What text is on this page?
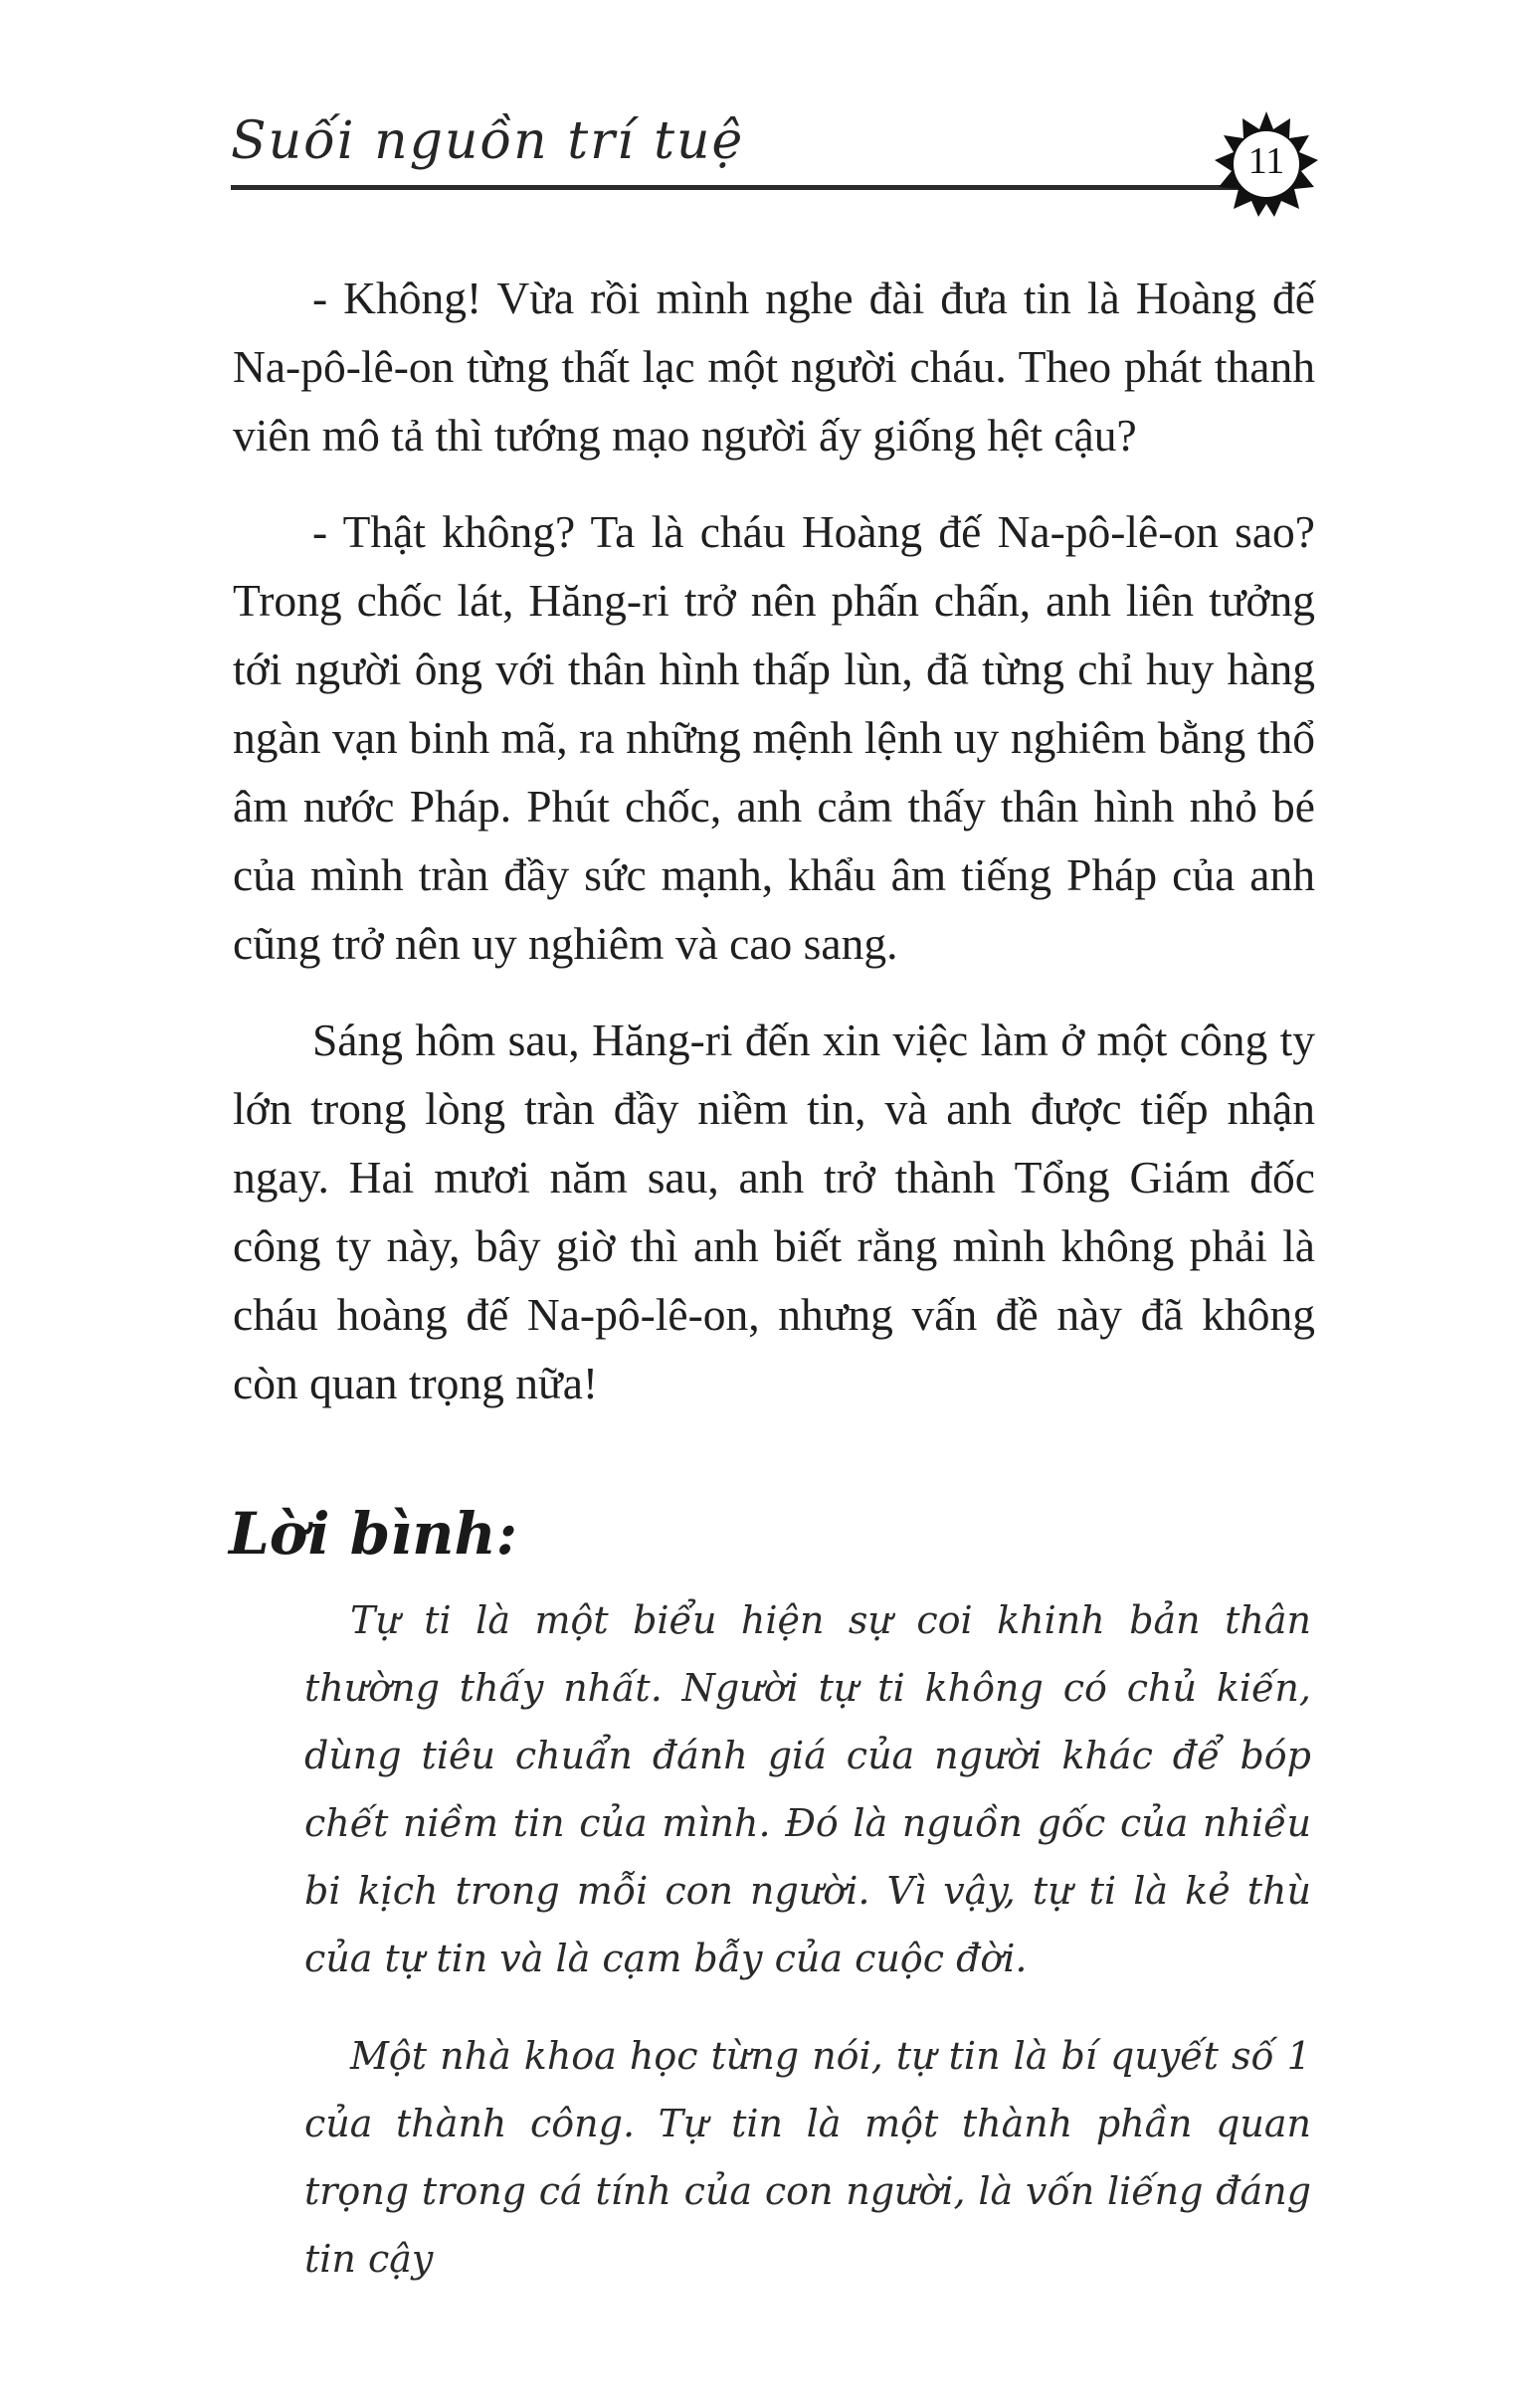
Suối nguồn trí tuệ	11

- Không! Vừa rồi mình nghe đài đưa tin là Hoàng đế Na-pô-lê-on từng thất lạc một người cháu. Theo phát thanh viên mô tả thì tướng mạo người ấy giống hệt cậu?

- Thật không? Ta là cháu Hoàng đế Na-pô-lê-on sao? Trong chốc lát, Hăng-ri trở nên phấn chấn, anh liên tưởng tới người ông với thân hình thấp lùn, đã từng chỉ huy hàng ngàn vạn binh mã, ra những mệnh lệnh uy nghiêm bằng thổ âm nước Pháp. Phút chốc, anh cảm thấy thân hình nhỏ bé của mình tràn đầy sức mạnh, khẩu âm tiếng Pháp của anh cũng trở nên uy nghiêm và cao sang.

Sáng hôm sau, Hăng-ri đến xin việc làm ở một công ty lớn trong lòng tràn đầy niềm tin, và anh được tiếp nhận ngay. Hai mươi năm sau, anh trở thành Tổng Giám đốc công ty này, bây giờ thì anh biết rằng mình không phải là cháu hoàng đế Na-pô-lê-on, nhưng vấn đề này đã không còn quan trọng nữa!

Lời bình:

Tự ti là một biểu hiện sự coi khinh bản thân thường thấy nhất. Người tự ti không có chủ kiến, dùng tiêu chuẩn đánh giá của người khác để bóp chết niềm tin của mình. Đó là nguồn gốc của nhiều bi kịch trong mỗi con người. Vì vậy, tự ti là kẻ thù của tự tin và là cạm bẫy của cuộc đời.

Một nhà khoa học từng nói, tự tin là bí quyết số 1 của thành công. Tự tin là một thành phần quan trọng trong cá tính của con người, là vốn liếng đáng tin cậy
